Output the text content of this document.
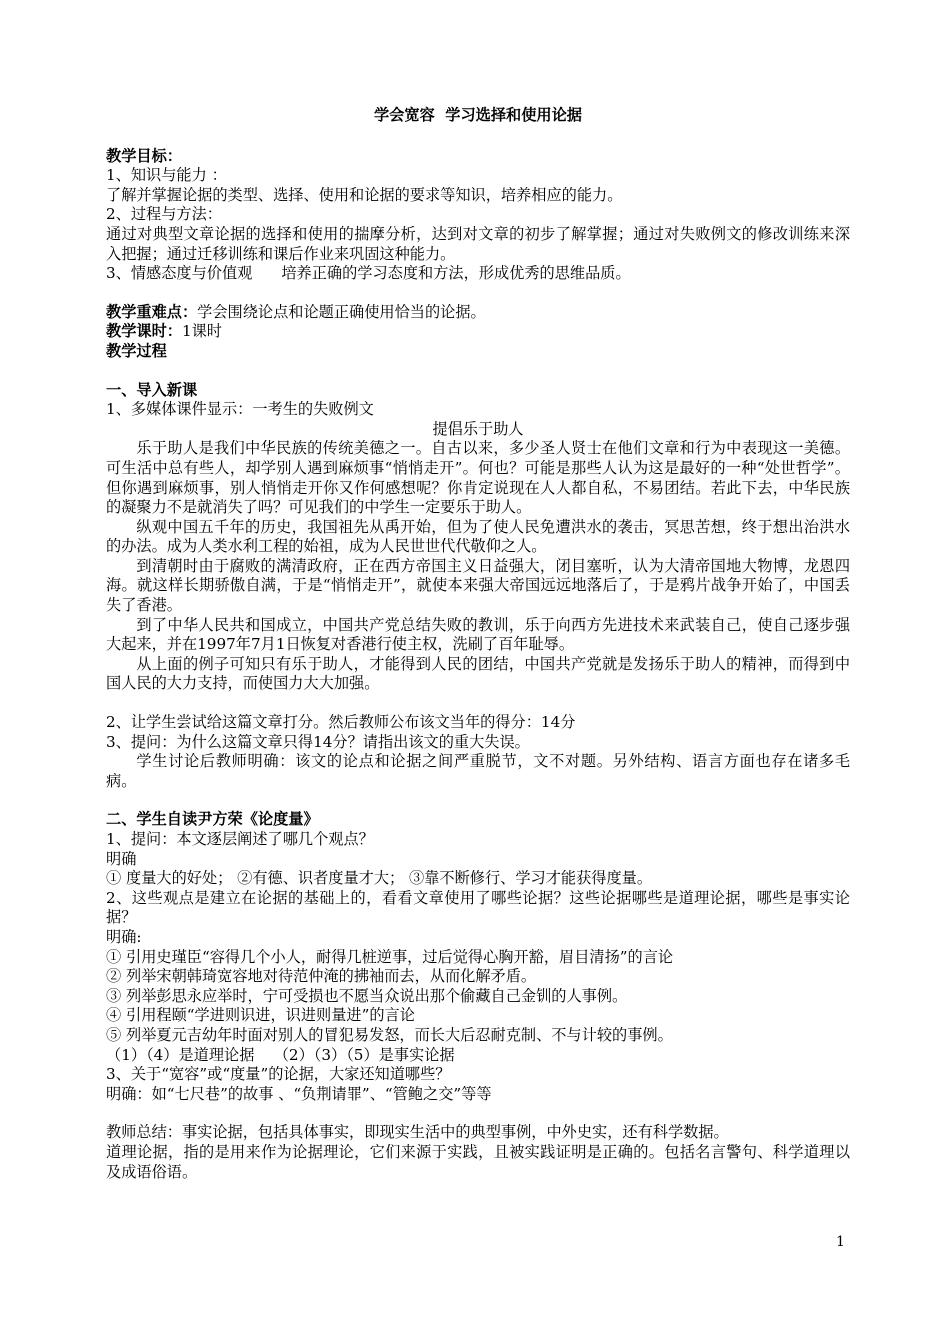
学会宽容  学习选择和使用论据

教学目标：

1、知识与能力 ：

了解并掌握论据的类型、选择、使用和论据的要求等知识，培养相应的能力。

2、过程与方法：

通过对典型文章论据的选择和使用的揣摩分析，达到对文章的初步了解掌握；通过对失败例文的修改训练来深入把握；通过迁移训练和课后作业来巩固这种能力。

3、情感态度与价值观      培养正确的学习态度和方法，形成优秀的思维品质。

教学重难点：学会围绕论点和论题正确使用恰当的论据。

教学课时：1课时

教学过程

一、导入新课

1、多媒体课件显示：一考生的失败例文

提倡乐于助人

乐于助人是我们中华民族的传统美德之一。自古以来，多少圣人贤士在他们文章和行为中表现这一美德。可生活中总有些人，却学别人遇到麻烦事“悄悄走开”。何也？可能是那些人认为这是最好的一种“处世哲学”。但你遇到麻烦事，别人悄悄走开你又作何感想呢？你肯定说现在人人都自私，不易团结。若此下去，中华民族的凝聚力不是就消失了吗？可见我们的中学生一定要乐于助人。

纵观中国五千年的历史，我国祖先从禹开始，但为了使人民免遭洪水的袭击，冥思苦想，终于想出治洪水的办法。成为人类水利工程的始祖，成为人民世世代代敬仰之人。

到清朝时由于腐败的满清政府，正在西方帝国主义日益强大，闭目塞听，认为大清帝国地大物博，龙恩四海。就这样长期骄傲自满，于是“悄悄走开”，就使本来强大帝国远远地落后了，于是鸦片战争开始了，中国丢失了香港。

到了中华人民共和国成立，中国共产党总结失败的教训，乐于向西方先进技术来武装自己，使自己逐步强大起来，并在1997年7月1日恢复对香港行使主权，洗刷了百年耻辱。

从上面的例子可知只有乐于助人，才能得到人民的团结，中国共产党就是发扬乐于助人的精神，而得到中国人民的大力支持，而使国力大大加强。

2、让学生尝试给这篇文章打分。然后教师公布该文当年的得分：14分

3、提问：为什么这篇文章只得14分？请指出该文的重大失误。

学生讨论后教师明确：该文的论点和论据之间严重脱节，文不对题。另外结构、语言方面也存在诸多毛病。

二、学生自读尹方荣《论度量》

1、提问：本文逐层阐述了哪几个观点？

明确

① 度量大的好处； ②有德、识者度量才大； ③靠不断修行、学习才能获得度量。

2、这些观点是建立在论据的基础上的，看看文章使用了哪些论据？这些论据哪些是道理论据，哪些是事实论据？

明确:

① 引用史瑾臣“容得几个小人，耐得几桩逆事，过后觉得心胸开豁，眉目清扬”的言论

② 列举宋朝韩琦宽容地对待范仲淹的拂袖而去，从而化解矛盾。

③ 列举彭思永应举时，宁可受损也不愿当众说出那个偷藏自己金钏的人事例。

④ 引用程颐“学进则识进，识进则量进”的言论

⑤ 列举夏元吉幼年时面对别人的冒犯易发怒，而长大后忍耐克制、不与计较的事例。

（1）（4）是道理论据    （2）（3）（5）是事实论据

3、关于“宽容”或“度量”的论据，大家还知道哪些？

明确：如“七尺巷”的故事 、“负荆请罪”、“管鲍之交”等等

教师总结：事实论据，包括具体事实，即现实生活中的典型事例，中外史实，还有科学数据。

道理论据，指的是用来作为论据理论，它们来源于实践，且被实践证明是正确的。包括名言警句、科学道理以及成语俗语。

1
